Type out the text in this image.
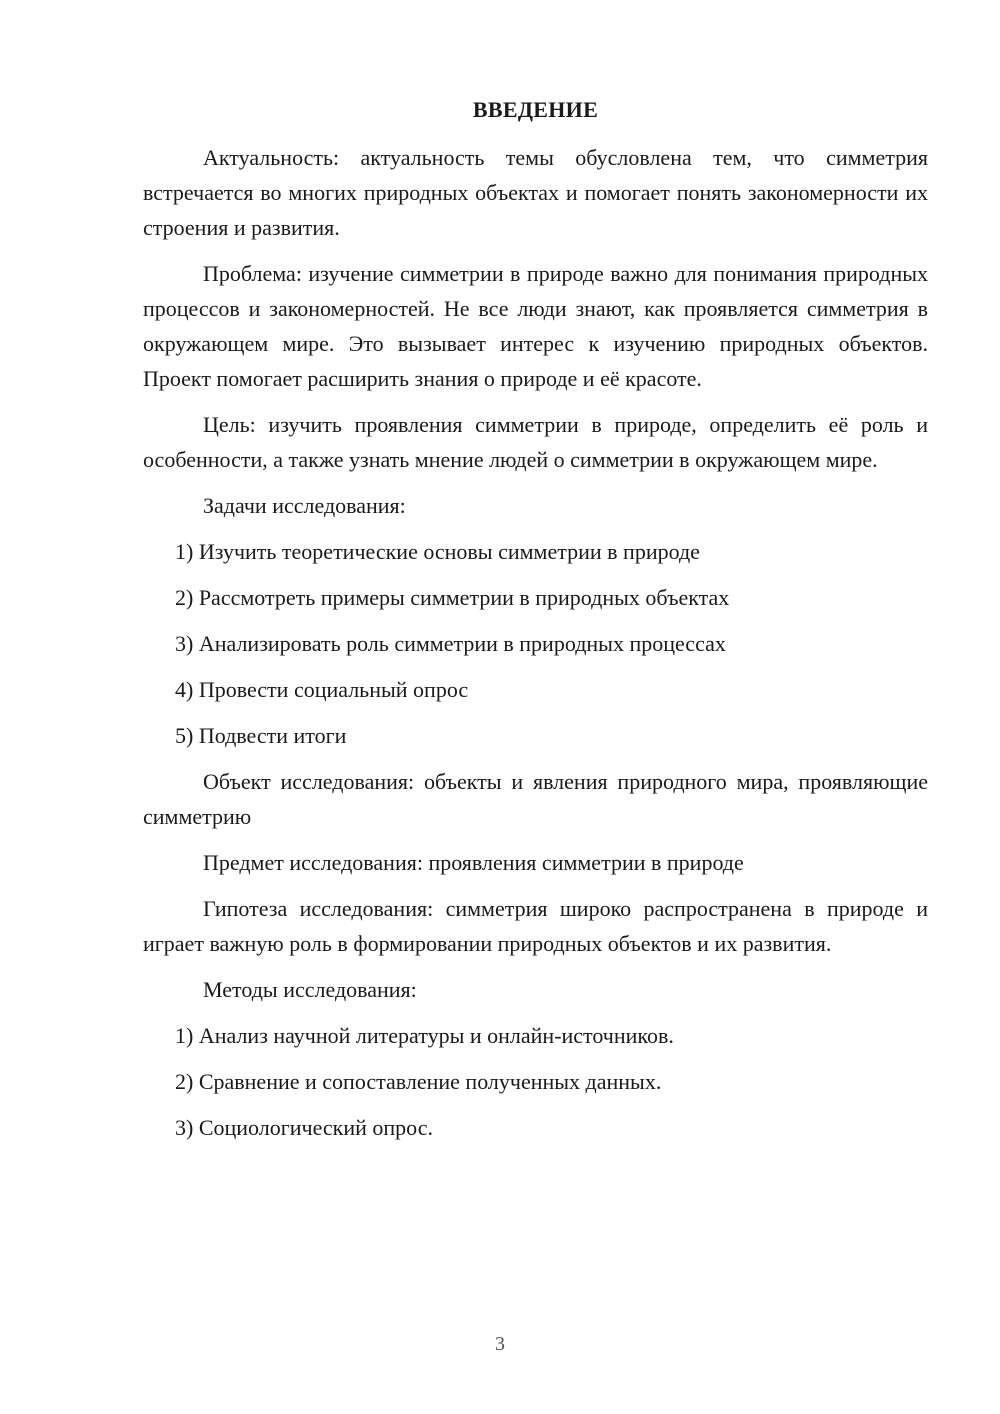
ВВЕДЕНИЕ

Актуальность: актуальность темы обусловлена тем, что симметрия встречается во многих природных объектах и помогает понять закономерности их строения и развития.

Проблема: изучение симметрии в природе важно для понимания природных процессов и закономерностей. Не все люди знают, как проявляется симметрия в окружающем мире. Это вызывает интерес к изучению природных объектов. Проект помогает расширить знания о природе и её красоте.

Цель: изучить проявления симметрии в природе, определить её роль и особенности, а также узнать мнение людей о симметрии в окружающем мире.

Задачи исследования:

1) Изучить теоретические основы симметрии в природе
2) Рассмотреть примеры симметрии в природных объектах
3) Анализировать роль симметрии в природных процессах
4) Провести социальный опрос
5) Подвести итоги

Объект исследования: объекты и явления природного мира, проявляющие симметрию

Предмет исследования: проявления симметрии в природе

Гипотеза исследования: симметрия широко распространена в природе и играет важную роль в формировании природных объектов и их развития.

Методы исследования:

1) Анализ научной литературы и онлайн-источников.
2) Сравнение и сопоставление полученных данных.
3) Социологический опрос.
3
